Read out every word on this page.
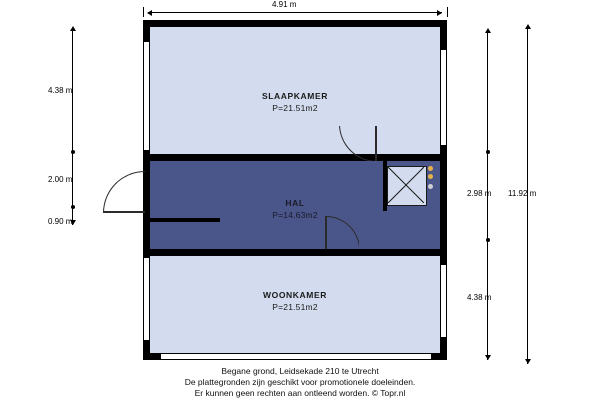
4.91 m
4.38 m
2.00 m
0.90 m
2.98 m
4.38 m
11.92 m
SLAAPKAMER
P=21.51m2
HAL
P=14.63m2
WOONKAMER
P=21.51m2
Begane grond, Leidsekade 210 te Utrecht
De plattegronden zijn geschikt voor promotionele doeleinden.
Er kunnen geen rechten aan ontleend worden. © Topr.nl
